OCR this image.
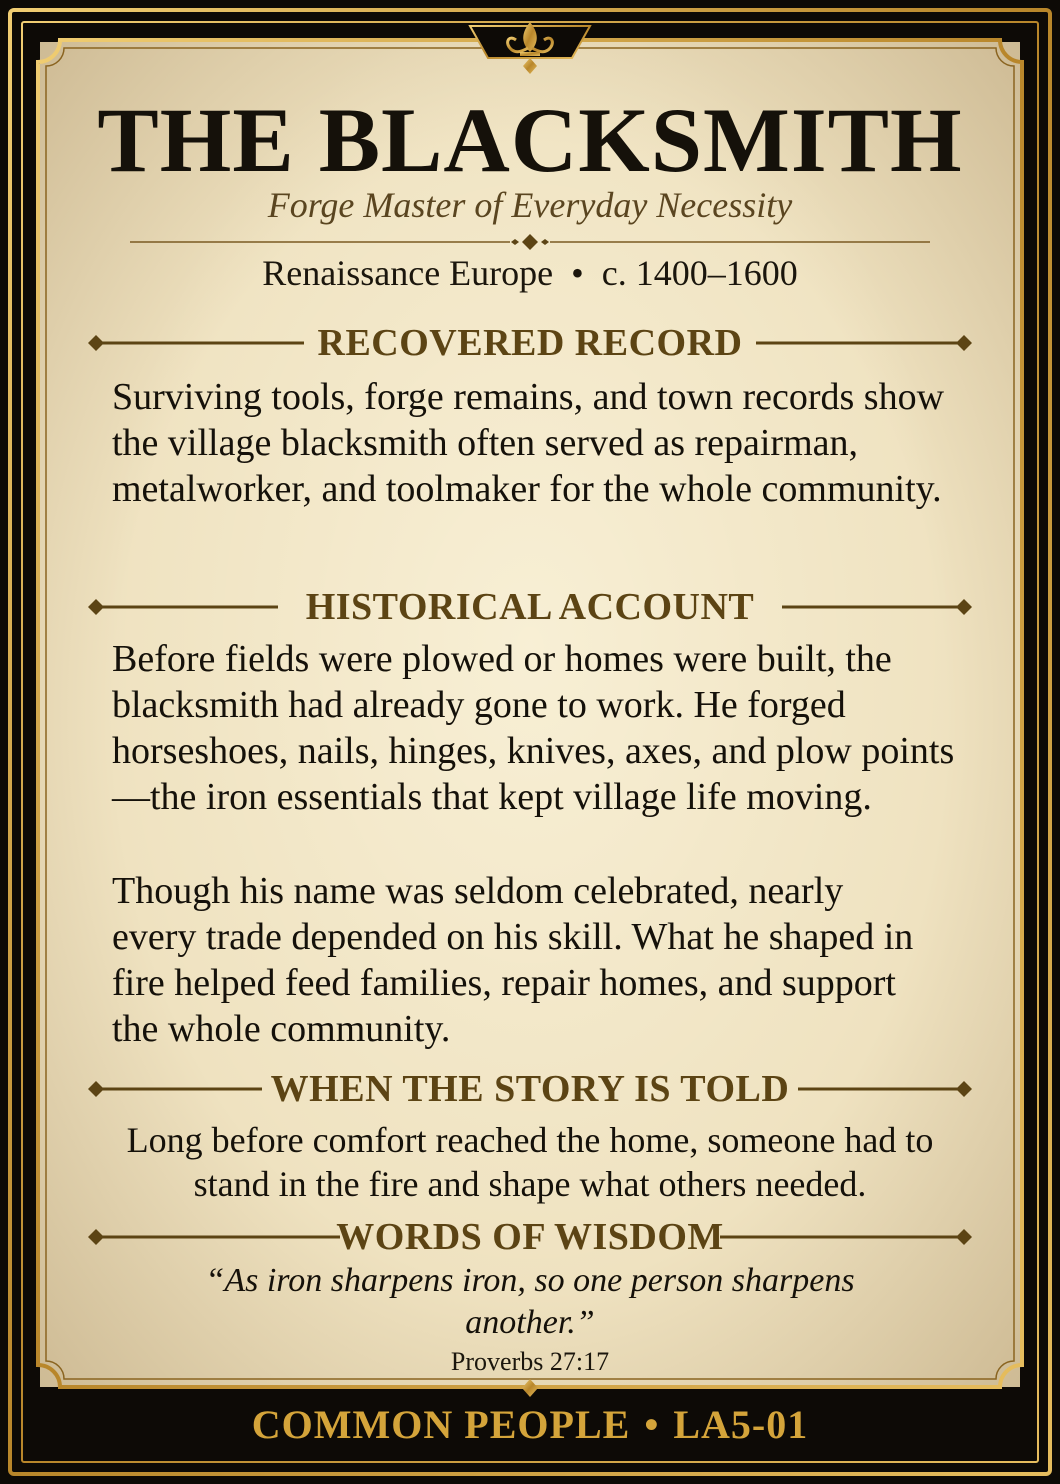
THE BLACKSMITH
Forge Master of Everyday Necessity
Renaissance Europe • c. 1400–1600
RECOVERED RECORD
Surviving tools, forge remains, and town records show the village blacksmith often served as repairman, metalworker, and toolmaker for the whole community.
HISTORICAL ACCOUNT
Before fields were plowed or homes were built, the blacksmith had already gone to work. He forged horseshoes, nails, hinges, knives, axes, and plow points—the iron essentials that kept village life moving.
Though his name was seldom celebrated, nearly every trade depended on his skill. What he shaped in fire helped feed families, repair homes, and support the whole community.
WHEN THE STORY IS TOLD
Long before comfort reached the home, someone had to stand in the fire and shape what others needed.
WORDS OF WISDOM
“As iron sharpens iron, so one person sharpens another.”
Proverbs 27:17
COMMON PEOPLE • LA5-01
